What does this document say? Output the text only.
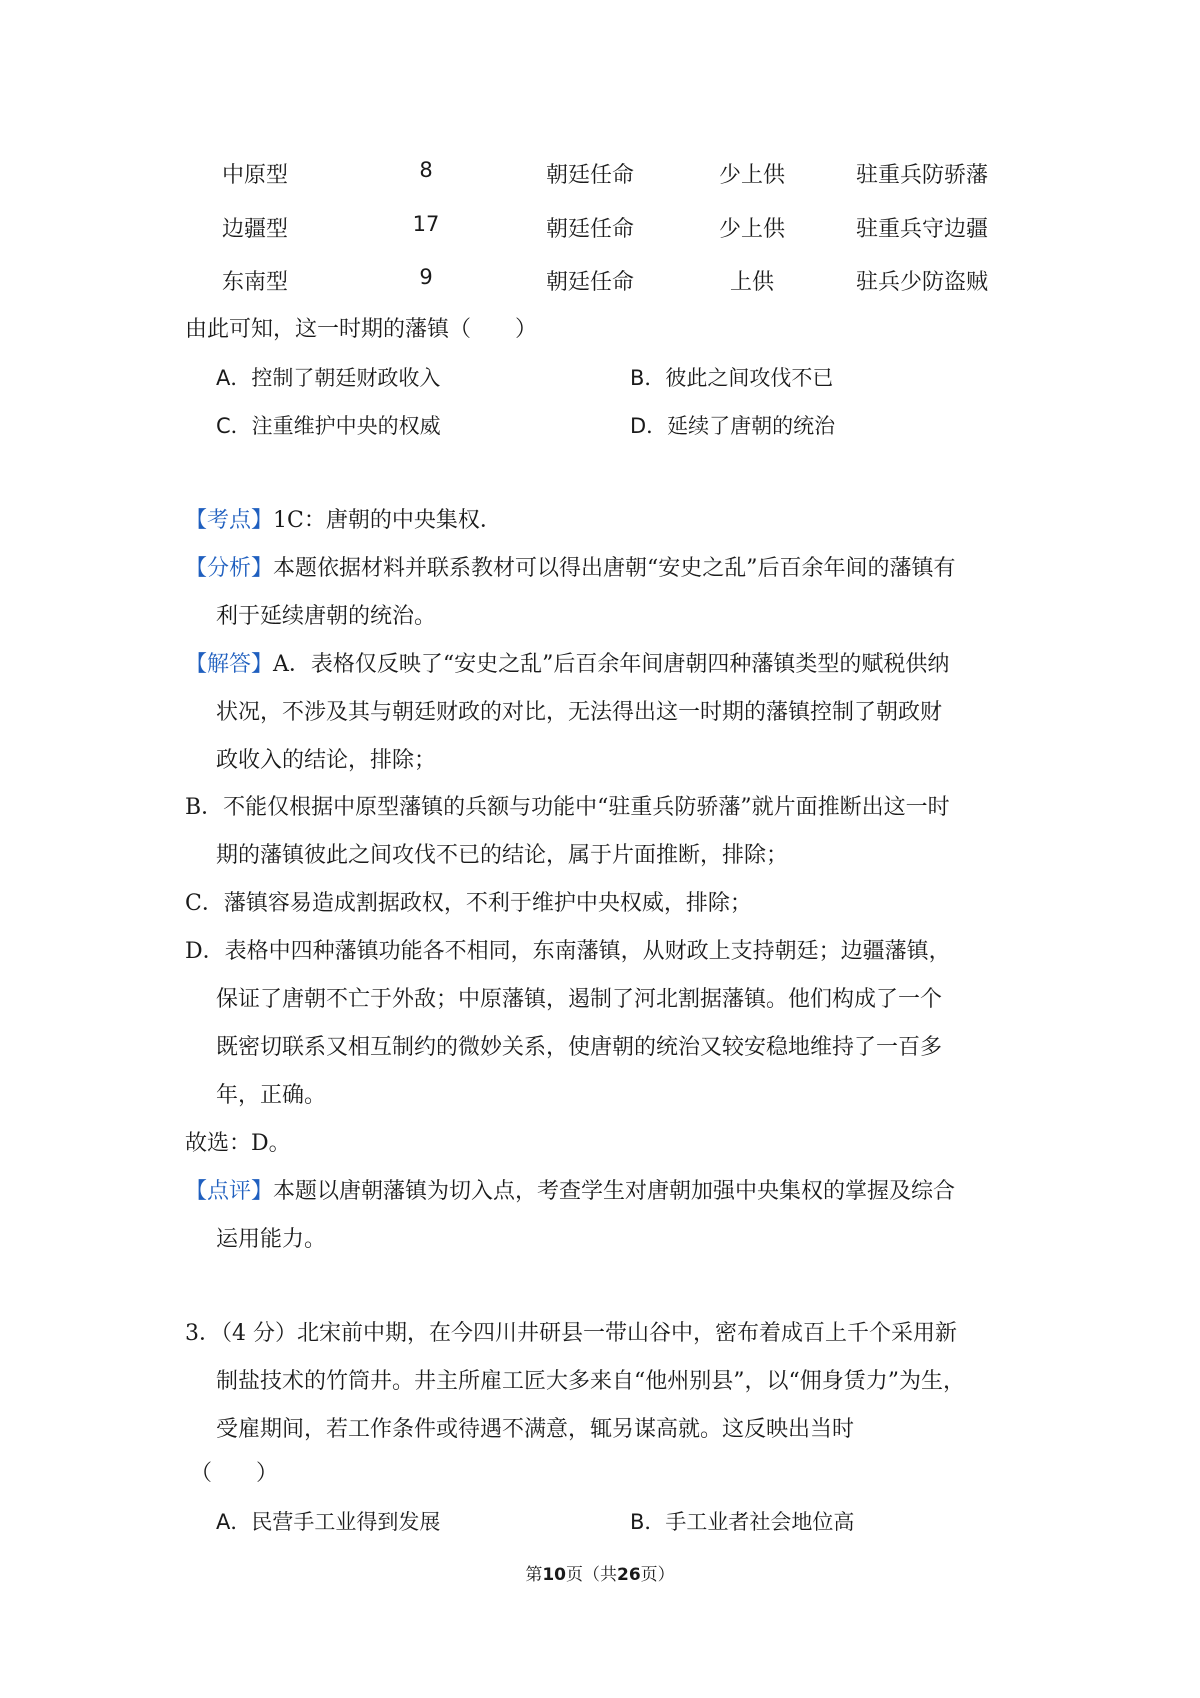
中原型	8	朝廷任命	少上供	驻重兵防骄藩
边疆型	17	朝廷任命	少上供	驻重兵守边疆
东南型	9	朝廷任命	上供	驻兵少防盗贼
由此可知，这一时期的藩镇（　　）
A．控制了朝廷财政收入	B．彼此之间攻伐不已
C．注重维护中央的权威	D．延续了唐朝的统治
【考点】1C：唐朝的中央集权．
【分析】本题依据材料并联系教材可以得出唐朝“安史之乱”后百余年间的藩镇有
利于延续唐朝的统治。
【解答】A．表格仅反映了“安史之乱”后百余年间唐朝四种藩镇类型的赋税供纳
状况，不涉及其与朝廷财政的对比，无法得出这一时期的藩镇控制了朝政财
政收入的结论，排除；
B．不能仅根据中原型藩镇的兵额与功能中“驻重兵防骄藩”就片面推断出这一时
期的藩镇彼此之间攻伐不已的结论，属于片面推断，排除；
C．藩镇容易造成割据政权，不利于维护中央权威，排除；
D．表格中四种藩镇功能各不相同，东南藩镇，从财政上支持朝廷；边疆藩镇，
保证了唐朝不亡于外敌；中原藩镇，遏制了河北割据藩镇。他们构成了一个
既密切联系又相互制约的微妙关系，使唐朝的统治又较安稳地维持了一百多
年，正确。
故选：D。
【点评】本题以唐朝藩镇为切入点，考查学生对唐朝加强中央集权的掌握及综合
运用能力。
3．（4 分）北宋前中期，在今四川井研县一带山谷中，密布着成百上千个采用新
制盐技术的竹筒井。井主所雇工匠大多来自“他州别县”，以“佣身赁力”为生，
受雇期间，若工作条件或待遇不满意，辄另谋高就。这反映出当时
（　　）
A．民营手工业得到发展	B．手工业者社会地位高
第10页（共26页）
